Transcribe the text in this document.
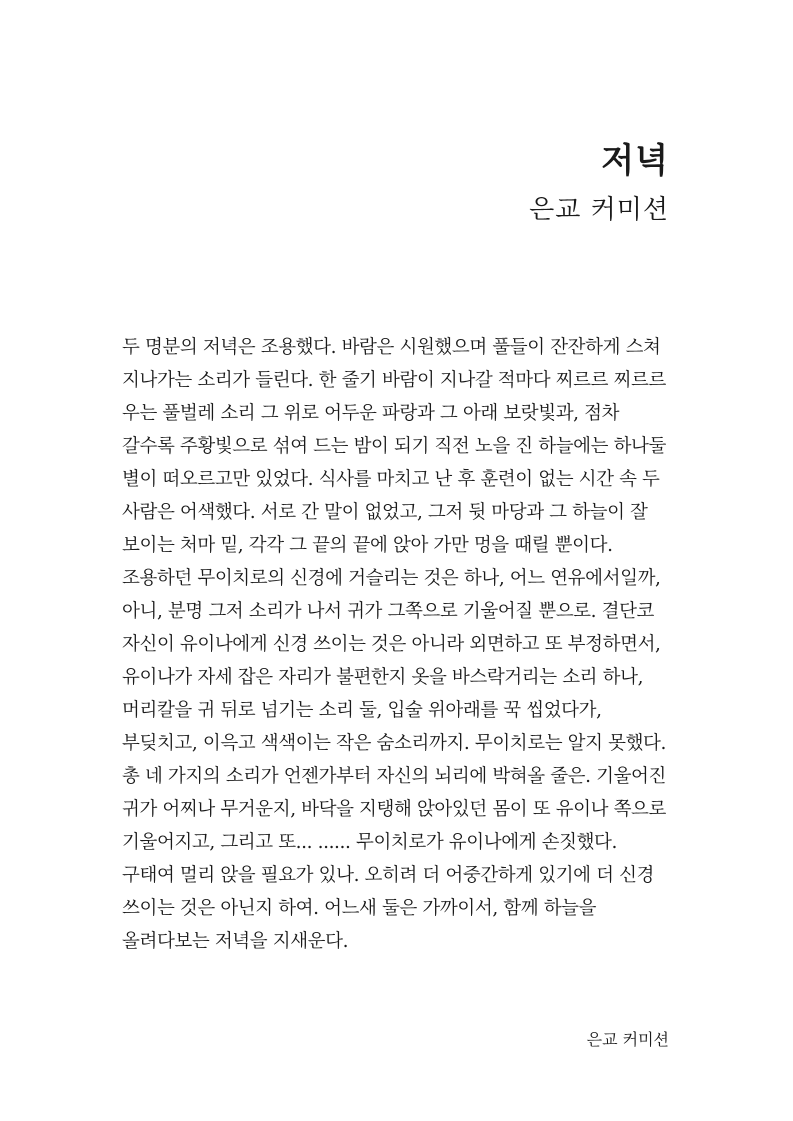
저녁
은교 커미션
두 명분의 저녁은 조용했다. 바람은 시원했으며 풀들이 잔잔하게 스쳐
지나가는 소리가 들린다. 한 줄기 바람이 지나갈 적마다 찌르르 찌르르
우는 풀벌레 소리 그 위로 어두운 파랑과 그 아래 보랏빛과, 점차
갈수록 주황빛으로 섞여 드는 밤이 되기 직전 노을 진 하늘에는 하나둘
별이 떠오르고만 있었다. 식사를 마치고 난 후 훈련이 없는 시간 속 두
사람은 어색했다. 서로 간 말이 없었고, 그저 뒷 마당과 그 하늘이 잘
보이는 처마 밑, 각각 그 끝의 끝에 앉아 가만 멍을 때릴 뿐이다.
조용하던 무이치로의 신경에 거슬리는 것은 하나, 어느 연유에서일까,
아니, 분명 그저 소리가 나서 귀가 그쪽으로 기울어질 뿐으로. 결단코
자신이 유이나에게 신경 쓰이는 것은 아니라 외면하고 또 부정하면서,
유이나가 자세 잡은 자리가 불편한지 옷을 바스락거리는 소리 하나,
머리칼을 귀 뒤로 넘기는 소리 둘, 입술 위아래를 꾹 씹었다가,
부딪치고, 이윽고 색색이는 작은 숨소리까지. 무이치로는 알지 못했다.
총 네 가지의 소리가 언젠가부터 자신의 뇌리에 박혀올 줄은. 기울어진
귀가 어찌나 무거운지, 바닥을 지탱해 앉아있던 몸이 또 유이나 쪽으로
기울어지고, 그리고 또... ...... 무이치로가 유이나에게 손짓했다.
구태여 멀리 앉을 필요가 있나. 오히려 더 어중간하게 있기에 더 신경
쓰이는 것은 아닌지 하여. 어느새 둘은 가까이서, 함께 하늘을
올려다보는 저녁을 지새운다.
은교 커미션
